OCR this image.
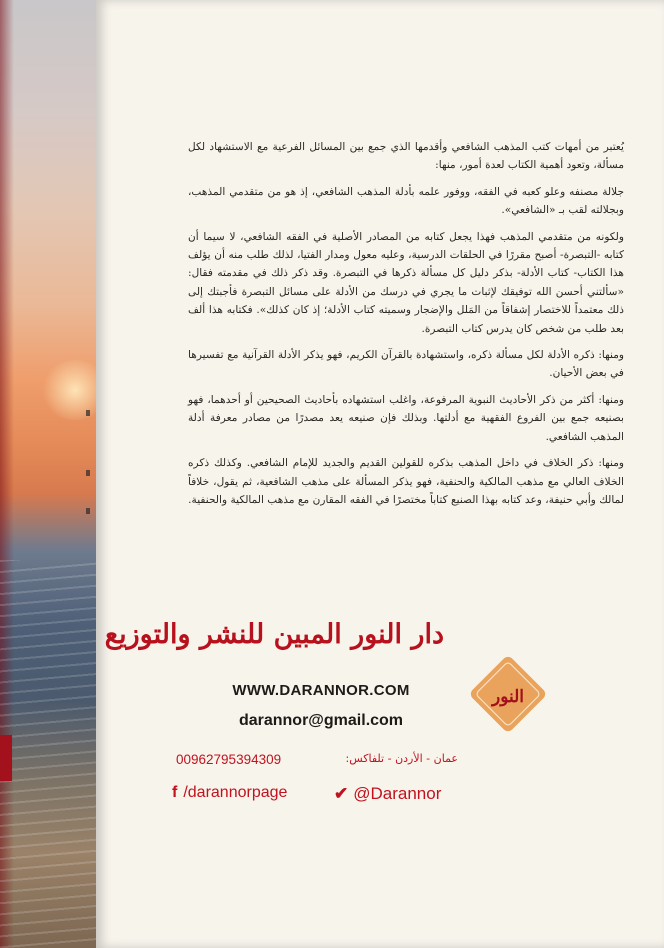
يُعتبر من أمهات كتب المذهب الشافعي وأقدمها الذي جمع بين المسائل الفرعية مع الاستشهاد لكل مسألة، وتعود أهمية الكتاب لعدة أمور، منها:

جلالة مصنفه وعلو كعبه في الفقه، ووفور علمه بأدلة المذهب الشافعي، إذ هو من متقدمي المذهب، وبجلالته لقب بـ «الشافعي».

ولكونه من متقدمي المذهب فهذا يجعل كتابه من المصادر الأصلية في الفقه الشافعي، لا سيما أن كتابه -التبصرة- أصبح مقررًا في الحلقات الدرسية، وعليه معول ومدار الفتيا، لذلك طلب منه أن يؤلف هذا الكتاب- كتاب الأدلة- بذكر دليل كل مسألة ذكرها في التبصرة. وقد ذكر ذلك في مقدمته فقال: «سألتني أحسن الله توفيقك لإثبات ما يجري في درسك من الأدلة على مسائل التبصرة فأجبتك إلى ذلك معتمداً للاختصار إشفاقاً من المَلل والإضجار وسميته كتاب الأدلة؛ إذ كان كذلك». فكتابه هذا ألف بعد طلب من شخص كان يدرس كتاب التبصرة.

ومنها: ذكره الأدلة لكل مسألة ذكره، واستشهادة بالقرآن الكريم، فهو يذكر الأدلة القرآنية مع تفسيرها في بعض الأحيان.

ومنها: أكثر من ذكر الأحاديث النبوية المرفوعة، واغلب استشهاده بأحاديث الصحيحين أو أحدهما، فهو بصنيعه جمع بين الفروع الفقهية مع أدلتها. وبذلك فإن صنيعه يعد مصدرًا من مصادر معرفة أدلة المذهب الشافعي.

ومنها: ذكر الخلاف في داخل المذهب بذكره للقولين القديم والجديد للإمام الشافعي. وكذلك ذكره الخلاف العالي مع مذهب المالكية والحنفية، فهو يذكر المسألة على مذهب الشافعية، ثم يقول، خلافاً لمالك وأبي حنيفة، وعد كتابه بهذا الصنيع كتاباً مختصرًا في الفقه المقارن مع مذهب المالكية والحنفية.

دار النور المبين للنشر والتوزيع
النور
WWW.DARANNOR.COM
darannor@gmail.com
00962795394309	عمان - الأردن - تلفاكس:
f /darannorpage	✔ @Darannor
